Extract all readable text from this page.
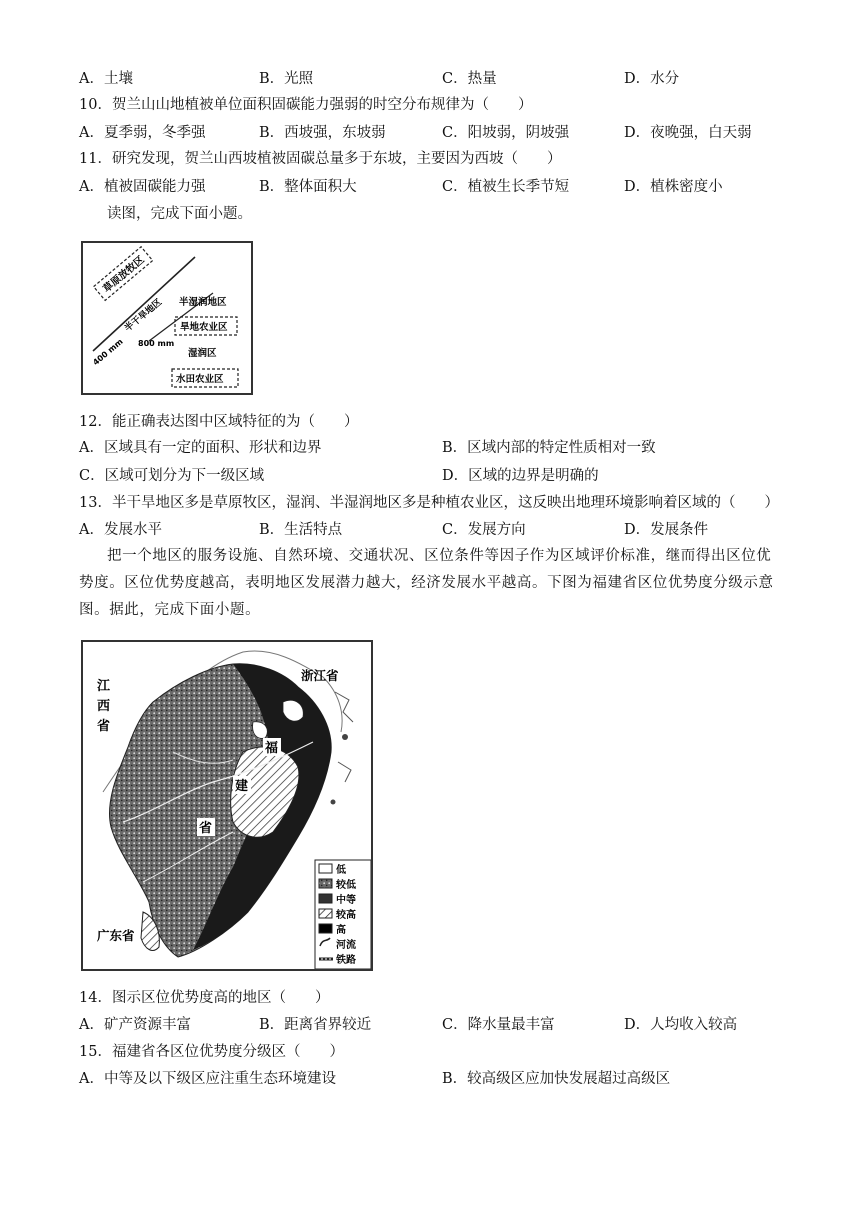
A．土壤	B．光照	C．热量	D．水分
10．贺兰山山地植被单位面积固碳能力强弱的时空分布规律为（　　）
A．夏季弱，冬季强	B．西坡强，东坡弱	C．阳坡弱，阴坡强	D．夜晚强，白天弱
11．研究发现，贺兰山西坡植被固碳总量多于东坡，主要因为西坡（　　）
A．植被固碳能力强	B．整体面积大	C．植被生长季节短	D．植株密度小
读图，完成下面小题。
草原放牧区
半干旱地区
400 mm
半湿润地区
旱地农业区
800 mm
湿润区
水田农业区
12．能正确表达图中区域特征的为（　　）
A．区域具有一定的面积、形状和边界	B．区域内部的特定性质相对一致
C．区域可划分为下一级区域	D．区域的边界是明确的
13．半干旱地区多是草原牧区，湿润、半湿润地区多是种植农业区，这反映出地理环境影响着区域的（　　）
A．发展水平	B．生活特点	C．发展方向	D．发展条件
把一个地区的服务设施、自然环境、交通状况、区位条件等因子作为区域评价标准，继而得出区位优势度。区位优势度越高，表明地区发展潜力越大，经济发展水平越高。下图为福建省区位优势度分级示意图。据此，完成下面小题。
江
西
省
浙江省
福
建
省
广东省
低
较低
中等
较高
高
河流
铁路
14．图示区位优势度高的地区（　　）
A．矿产资源丰富	B．距离省界较近	C．降水量最丰富	D．人均收入较高
15．福建省各区位优势度分级区（　　）
A．中等及以下级区应注重生态环境建设	B．较高级区应加快发展超过高级区
